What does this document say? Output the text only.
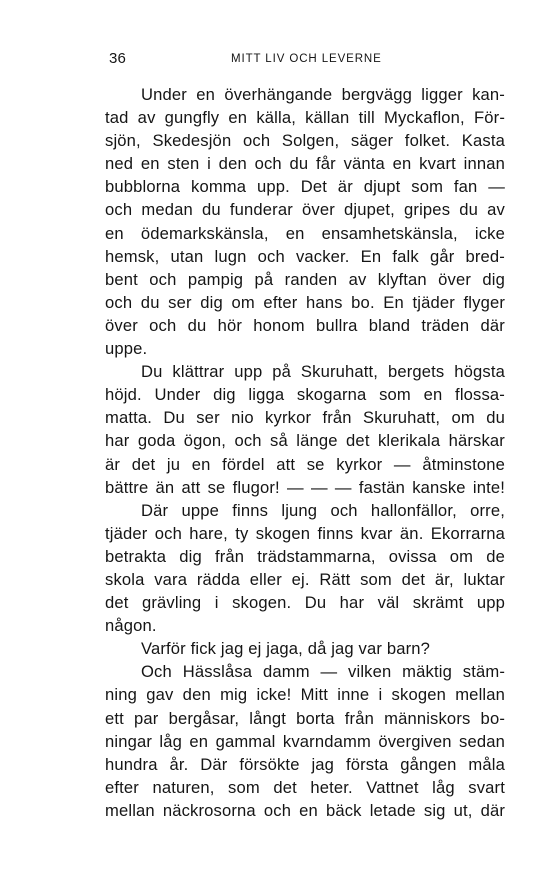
36	MITT LIV OCH LEVERNE
Under en överhängande bergvägg ligger kan-
tad av gungfly en källa, källan till Myckaflon, För-
sjön, Skedesjön och Solgen, säger folket. Kasta
ned en sten i den och du får vänta en kvart innan
bubblorna komma upp. Det är djupt som fan —
och medan du funderar över djupet, gripes du av
en ödemarkskänsla, en ensamhetskänsla, icke
hemsk, utan lugn och vacker. En falk går bred-
bent och pampig på randen av klyftan över dig
och du ser dig om efter hans bo. En tjäder flyger
över och du hör honom bullra bland träden där
uppe.
Du klättrar upp på Skuruhatt, bergets högsta
höjd. Under dig ligga skogarna som en flossa-
matta. Du ser nio kyrkor från Skuruhatt, om du
har goda ögon, och så länge det klerikala härskar
är det ju en fördel att se kyrkor — åtminstone
bättre än att se flugor! — — — fastän kanske inte!
Där uppe finns ljung och hallonfällor, orre,
tjäder och hare, ty skogen finns kvar än. Ekorrarna
betrakta dig från trädstammarna, ovissa om de
skola vara rädda eller ej. Rätt som det är, luktar
det grävling i skogen. Du har väl skrämt upp
någon.
Varför fick jag ej jaga, då jag var barn?
Och Hässlåsa damm — vilken mäktig stäm-
ning gav den mig icke! Mitt inne i skogen mellan
ett par bergåsar, långt borta från människors bo-
ningar låg en gammal kvarndamm övergiven sedan
hundra år. Där försökte jag första gången måla
efter naturen, som det heter. Vattnet låg svart
mellan näckrosorna och en bäck letade sig ut, där
